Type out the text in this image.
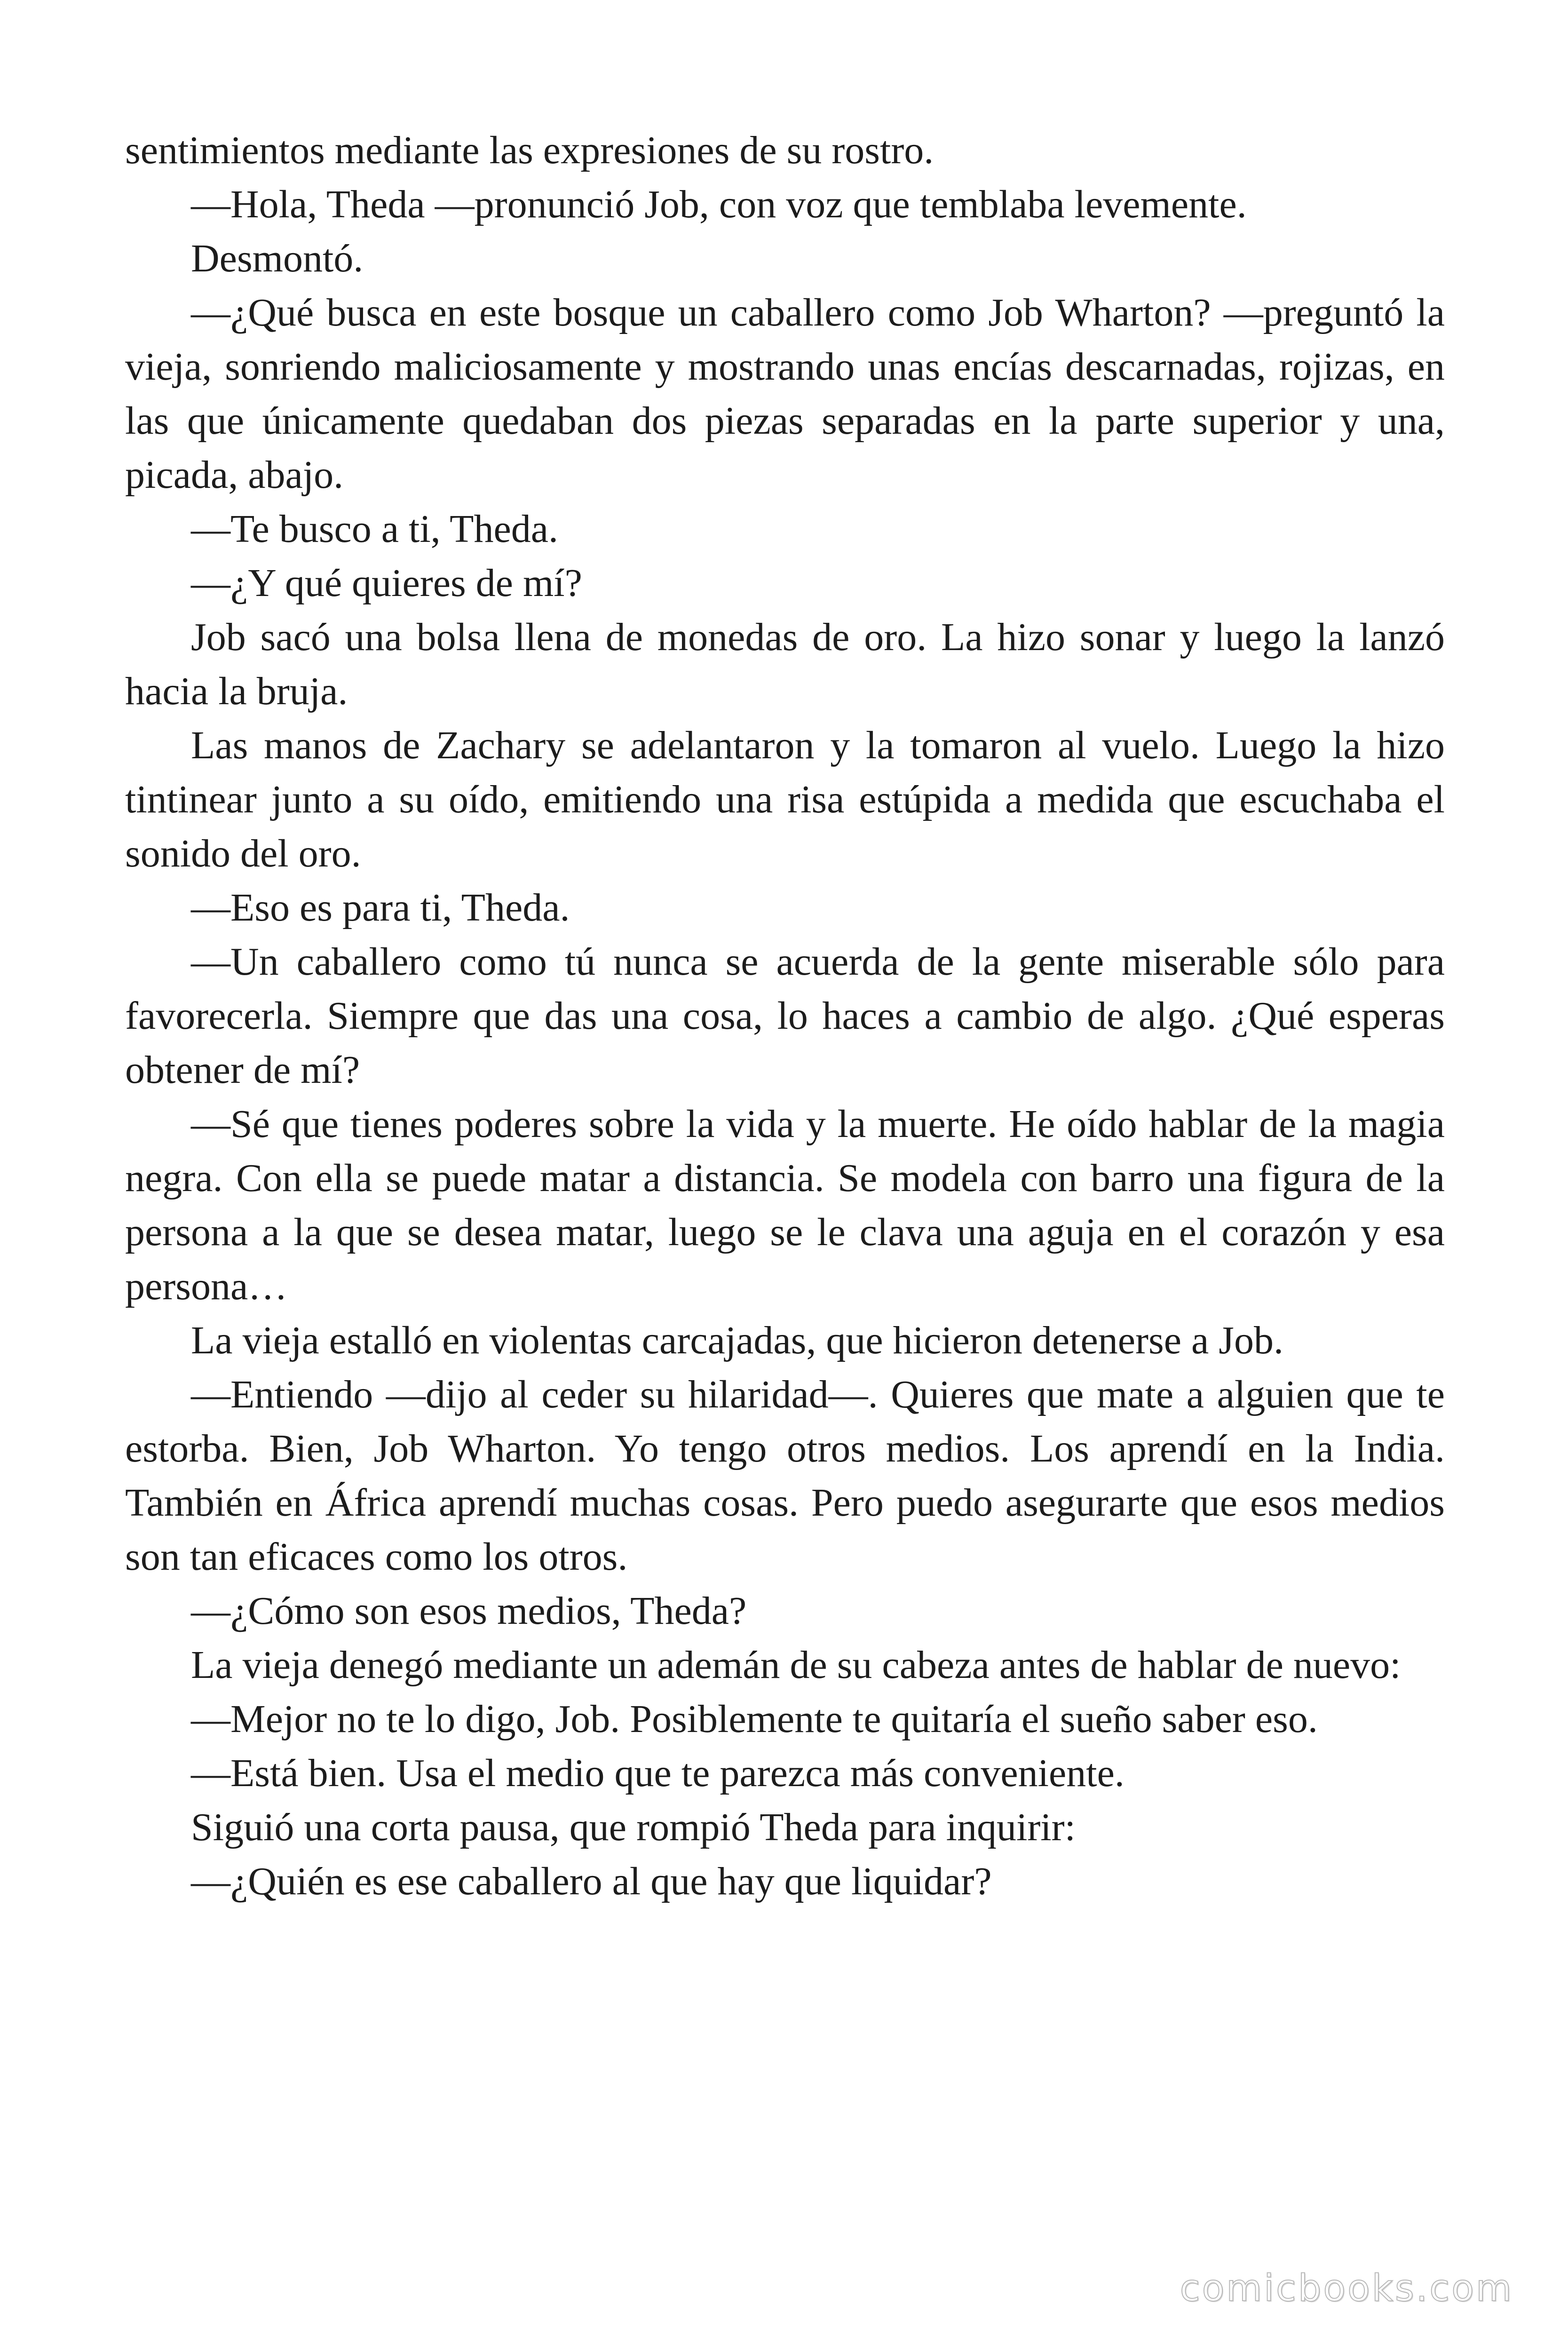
sentimientos mediante las expresiones de su rostro.

—Hola, Theda —pronunció Job, con voz que temblaba levemente.

Desmontó.

—¿Qué busca en este bosque un caballero como Job Wharton? —preguntó la vieja, sonriendo maliciosamente y mostrando unas encías descarnadas, rojizas, en las que únicamente quedaban dos piezas separadas en la parte superior y una, picada, abajo.

—Te busco a ti, Theda.

—¿Y qué quieres de mí?

Job sacó una bolsa llena de monedas de oro. La hizo sonar y luego la lanzó hacia la bruja.

Las manos de Zachary se adelantaron y la tomaron al vuelo. Luego la hizo tintinear junto a su oído, emitiendo una risa estúpida a medida que escuchaba el sonido del oro.

—Eso es para ti, Theda.

—Un caballero como tú nunca se acuerda de la gente miserable sólo para favorecerla. Siempre que das una cosa, lo haces a cambio de algo. ¿Qué esperas obtener de mí?

—Sé que tienes poderes sobre la vida y la muerte. He oído hablar de la magia negra. Con ella se puede matar a distancia. Se modela con barro una figura de la persona a la que se desea matar, luego se le clava una aguja en el corazón y esa persona…

La vieja estalló en violentas carcajadas, que hicieron detenerse a Job.

—Entiendo —dijo al ceder su hilaridad—. Quieres que mate a alguien que te estorba. Bien, Job Wharton. Yo tengo otros medios. Los aprendí en la India. También en África aprendí muchas cosas. Pero puedo asegurarte que esos medios son tan eficaces como los otros.

—¿Cómo son esos medios, Theda?

La vieja denegó mediante un ademán de su cabeza antes de hablar de nuevo:

—Mejor no te lo digo, Job. Posiblemente te quitaría el sueño saber eso.

—Está bien. Usa el medio que te parezca más conveniente.

Siguió una corta pausa, que rompió Theda para inquirir:

—¿Quién es ese caballero al que hay que liquidar?

comicbooks.com
